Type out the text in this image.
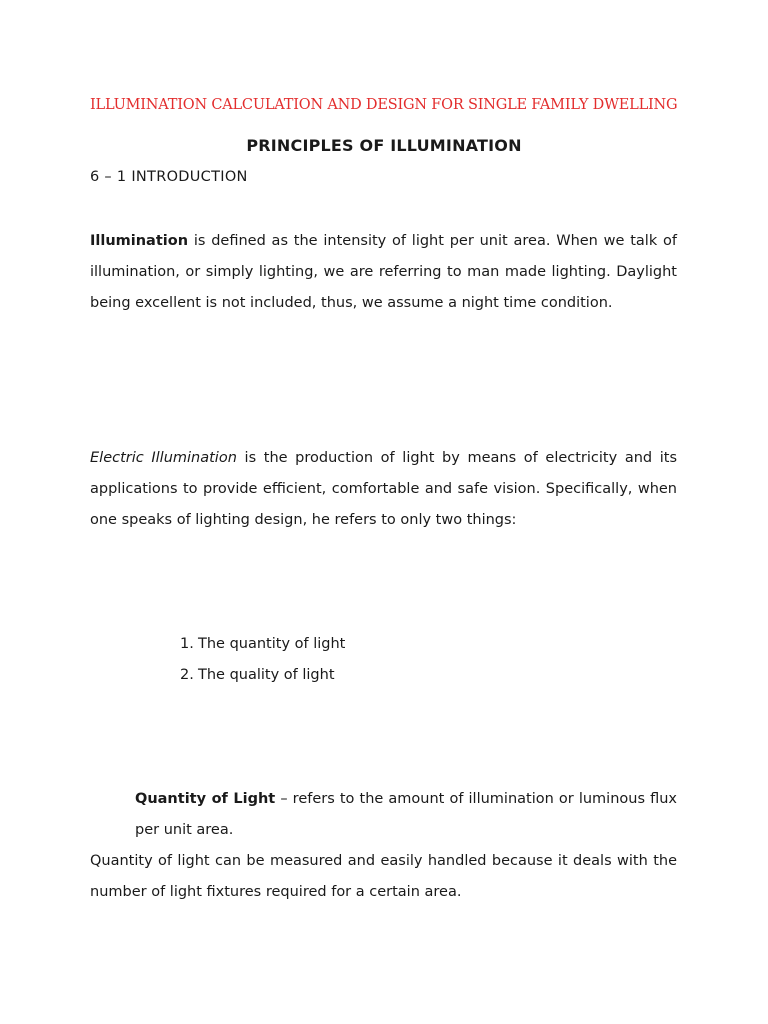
ILLUMINATION CALCULATION AND DESIGN FOR SINGLE FAMILY DWELLING
PRINCIPLES OF ILLUMINATION
6 – 1 INTRODUCTION

Illumination is defined as the intensity of light per unit area. When we talk of illumination, or simply lighting, we are referring to man made lighting. Daylight being excellent is not included, thus, we assume a night time condition.

Electric Illumination is the production of light by means of electricity and its applications to provide efficient, comfortable and safe vision. Specifically, when one speaks of lighting design, he refers to only two things:

1. The quantity of light
2. The quality of light

Quantity of Light – refers to the amount of illumination or luminous flux per unit area.

Quantity of light can be measured and easily handled because it deals with the number of light fixtures required for a certain area.
